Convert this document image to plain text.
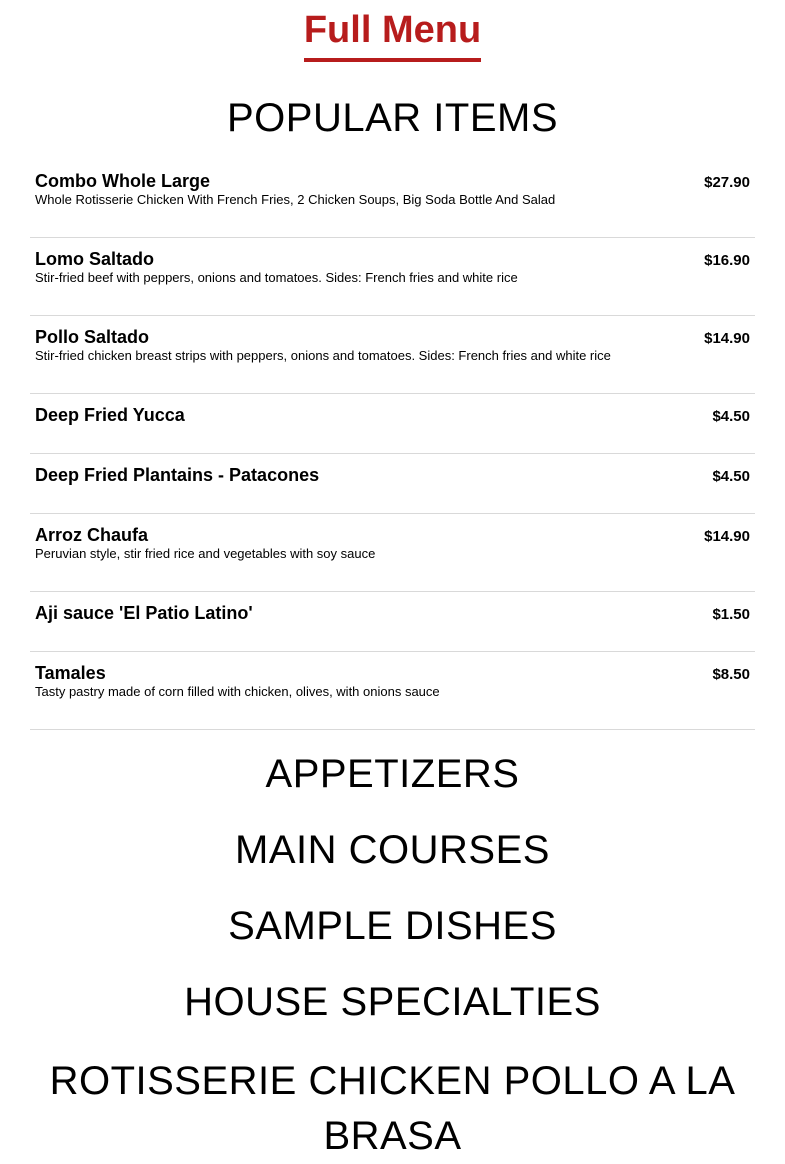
Full Menu
POPULAR ITEMS
Combo Whole Large
Whole Rotisserie Chicken With French Fries, 2 Chicken Soups, Big Soda Bottle And Salad
$27.90
Lomo Saltado
Stir-fried beef with peppers, onions and tomatoes. Sides: French fries and white rice
$16.90
Pollo Saltado
Stir-fried chicken breast strips with peppers, onions and tomatoes. Sides: French fries and white rice
$14.90
Deep Fried Yucca	$4.50
Deep Fried Plantains - Patacones	$4.50
Arroz Chaufa
Peruvian style, stir fried rice and vegetables with soy sauce
$14.90
Aji sauce 'El Patio Latino'	$1.50
Tamales
Tasty pastry made of corn filled with chicken, olives, with onions sauce
$8.50
APPETIZERS
MAIN COURSES
SAMPLE DISHES
HOUSE SPECIALTIES
ROTISSERIE CHICKEN POLLO A LA BRASA
